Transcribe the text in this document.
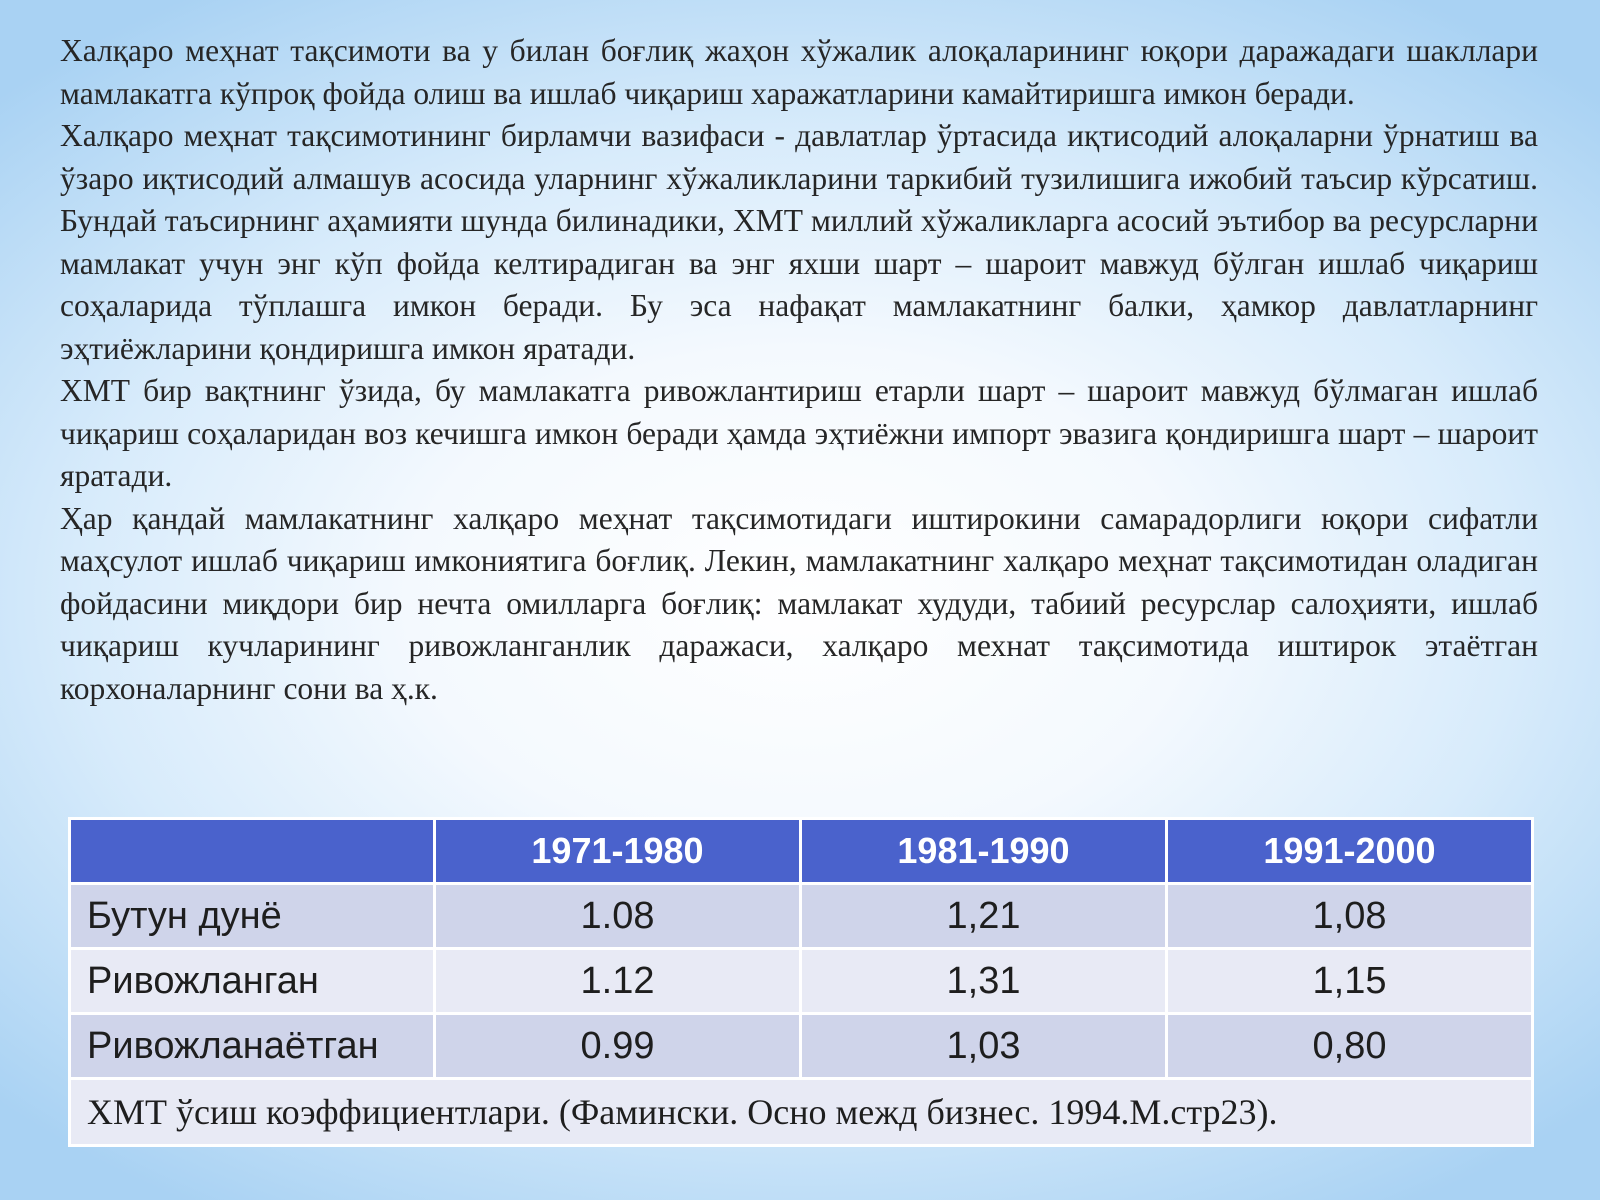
Халқаро меҳнат тақсимоти ва у билан боғлиқ жаҳон хўжалик алоқаларининг юқори даражадаги шакллари мамлакатга кўпроқ фойда олиш ва ишлаб чиқариш харажатларини камайтиришга имкон беради.

Халқаро меҳнат тақсимотининг бирламчи вазифаси - давлатлар ўртасида иқтисодий алоқаларни ўрнатиш ва ўзаро иқтисодий алмашув асосида уларнинг хўжаликларини таркибий тузилишига ижобий таъсир кўрсатиш. Бундай таъсирнинг аҳамияти шунда билинадики, ХМТ миллий хўжаликларга асосий эътибор ва ресурсларни мамлакат учун энг кўп фойда келтирадиган ва энг яхши шарт – шароит мавжуд бўлган ишлаб чиқариш соҳаларида тўплашга имкон беради. Бу эса нафақат мамлакатнинг балки, ҳамкор давлатларнинг эҳтиёжларини қондиришга имкон яратади.

ХМТ бир вақтнинг ўзида, бу мамлакатга ривожлантириш етарли шарт – шароит мавжуд бўлмаган ишлаб чиқариш соҳаларидан воз кечишга имкон беради ҳамда эҳтиёжни импорт эвазига қондиришга шарт – шароит яратади.

Ҳар қандай мамлакатнинг халқаро меҳнат тақсимотидаги иштирокини самарадорлиги юқори сифатли маҳсулот ишлаб чиқариш имкониятига боғлиқ. Лекин, мамлакатнинг халқаро меҳнат тақсимотидан оладиган фойдасини миқдори бир нечта омилларга боғлиқ: мамлакат худуди, табиий ресурслар салоҳияти, ишлаб чиқариш кучларининг ривожланганлик даражаси, халқаро мехнат тақсимотида иштирок этаётган корхоналарнинг сони ва ҳ.к.

	1971-1980	1981-1990	1991-2000
Бутун дунё	1.08	1,21	1,08
Ривожланган	1.12	1,31	1,15
Ривожланаётган	0.99	1,03	0,80
ХМТ ўсиш коэффициентлари. (Фамински. Осно межд бизнес. 1994.М.стр23).			
